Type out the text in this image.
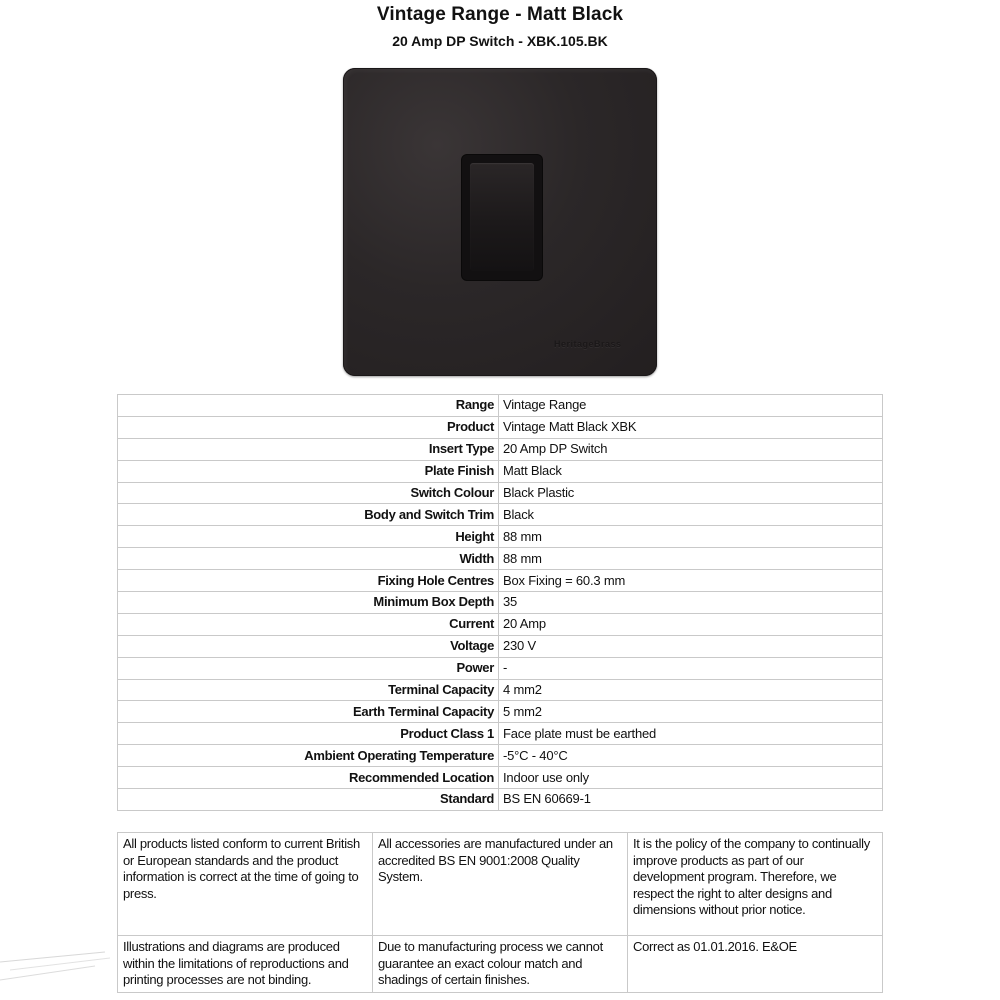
Vintage Range - Matt Black
20 Amp DP Switch - XBK.105.BK
HeritageBrass
Range	Vintage Range
Product	Vintage Matt Black XBK
Insert Type	20 Amp DP Switch
Plate Finish	Matt Black
Switch Colour	Black Plastic
Body and Switch Trim	Black
Height	88 mm
Width	88 mm
Fixing Hole Centres	Box Fixing = 60.3 mm
Minimum Box Depth	35
Current	20 Amp
Voltage	230 V
Power	-
Terminal Capacity	4 mm2
Earth Terminal Capacity	5 mm2
Product Class 1	Face plate must be earthed
Ambient Operating Temperature	-5°C - 40°C
Recommended Location	Indoor use only
Standard	BS EN 60669-1
All products listed conform to current British or European standards and the product information is correct at the time of going to press.	All accessories are manufactured under an accredited BS EN 9001:2008 Quality System.	It is the policy of the company to continually improve products as part of our development program. Therefore, we respect the right to alter designs and dimensions without prior notice.
Illustrations and diagrams are produced within the limitations of reproductions and printing processes are not binding.	Due to manufacturing process we cannot guarantee an exact colour match and shadings of certain finishes.	Correct as 01.01.2016. E&OE
